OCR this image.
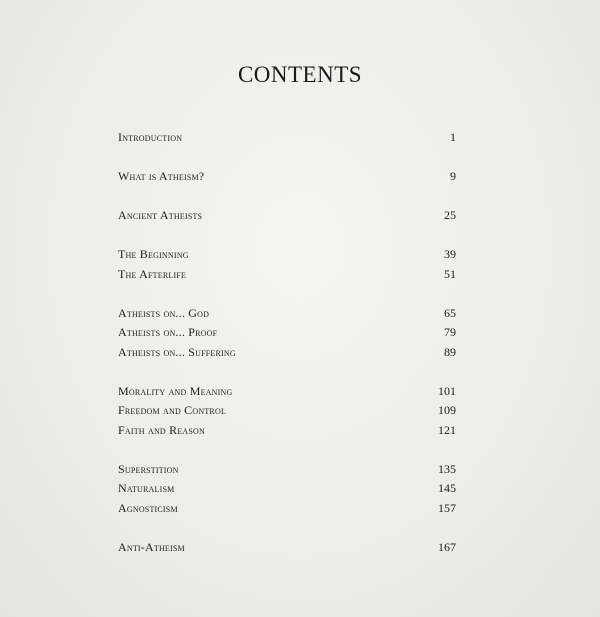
CONTENTS
Introduction	1
What is Atheism?	9
Ancient Atheists	25
The Beginning	39
The Afterlife	51
Atheists on... God	65
Atheists on... Proof	79
Atheists on... Suffering	89
Morality and Meaning	101
Freedom and Control	109
Faith and Reason	121
Superstition	135
Naturalism	145
Agnosticism	157
Anti-Atheism	167
